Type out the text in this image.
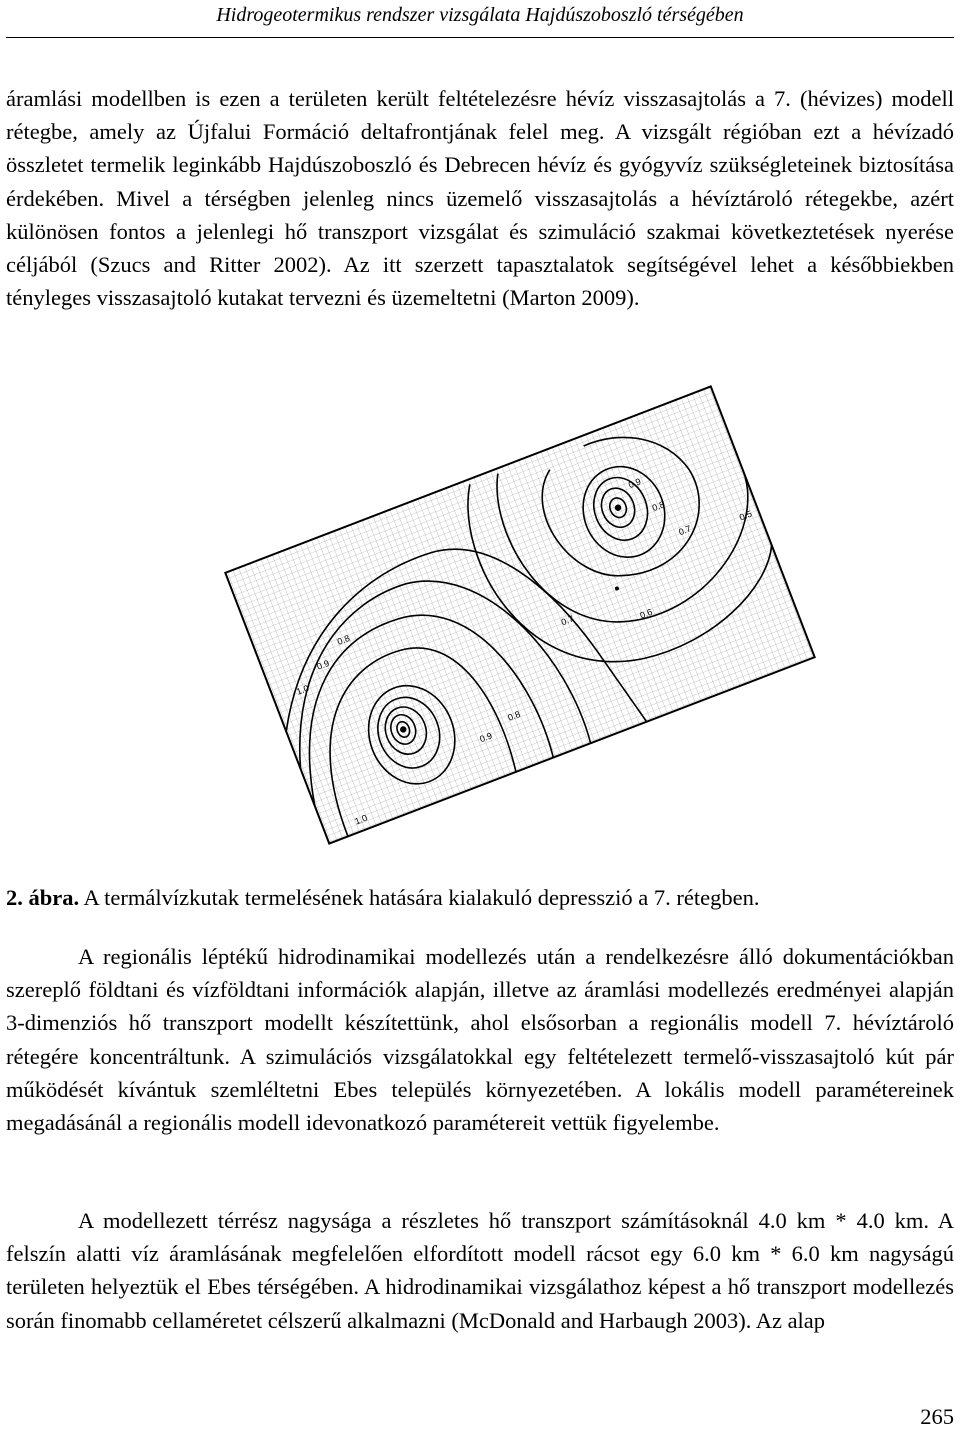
Hidrogeotermikus rendszer vizsgálata Hajdúszoboszló térségében

áramlási modellben is ezen a területen került feltételezésre hévíz visszasajtolás a 7. (hévizes) modell rétegbe, amely az Újfalui Formáció deltafrontjának felel meg. A vizsgált régióban ezt a hévízadó összletet termelik leginkább Hajdúszoboszló és Debrecen hévíz és gyógyvíz szükségleteinek biztosítása érdekében. Mivel a térségben jelenleg nincs üzemelő visszasajtolás a hévíztároló rétegekbe, azért különösen fontos a jelenlegi hő transzport vizsgálat és szimuláció szakmai következtetések nyerése céljából (Szucs and Ritter 2002). Az itt szerzett tapasztalatok segítségével lehet a későbbiekben tényleges visszasajtoló kutakat tervezni és üzemeltetni (Marton 2009).

0.9
0.8
0.7
0.5
0.6
1.0
0.9
0.8
0.7
0.8
0.9
1.0
2. ábra. A termálvízkutak termelésének hatására kialakuló depresszió a 7. rétegben.

A regionális léptékű hidrodinamikai modellezés után a rendelkezésre álló dokumentációkban szereplő földtani és vízföldtani információk alapján, illetve az áramlási modellezés eredményei alapján 3-dimenziós hő transzport modellt készítettünk, ahol elsősorban a regionális modell 7. hévíztároló rétegére koncentráltunk. A szimulációs vizsgálatokkal egy feltételezett termelő-visszasajtoló kút pár működését kívántuk szemléltetni Ebes település környezetében. A lokális modell paramétereinek megadásánál a regionális modell idevonatkozó paramétereit vettük figyelembe.

A modellezett térrész nagysága a részletes hő transzport számításoknál 4.0 km * 4.0 km. A felszín alatti víz áramlásának megfelelően elfordított modell rácsot egy 6.0 km * 6.0 km nagyságú területen helyeztük el Ebes térségében. A hidrodinamikai vizsgálathoz képest a hő transzport modellezés során finomabb cellaméretet célszerű alkalmazni (McDonald and Harbaugh 2003). Az alap

265
